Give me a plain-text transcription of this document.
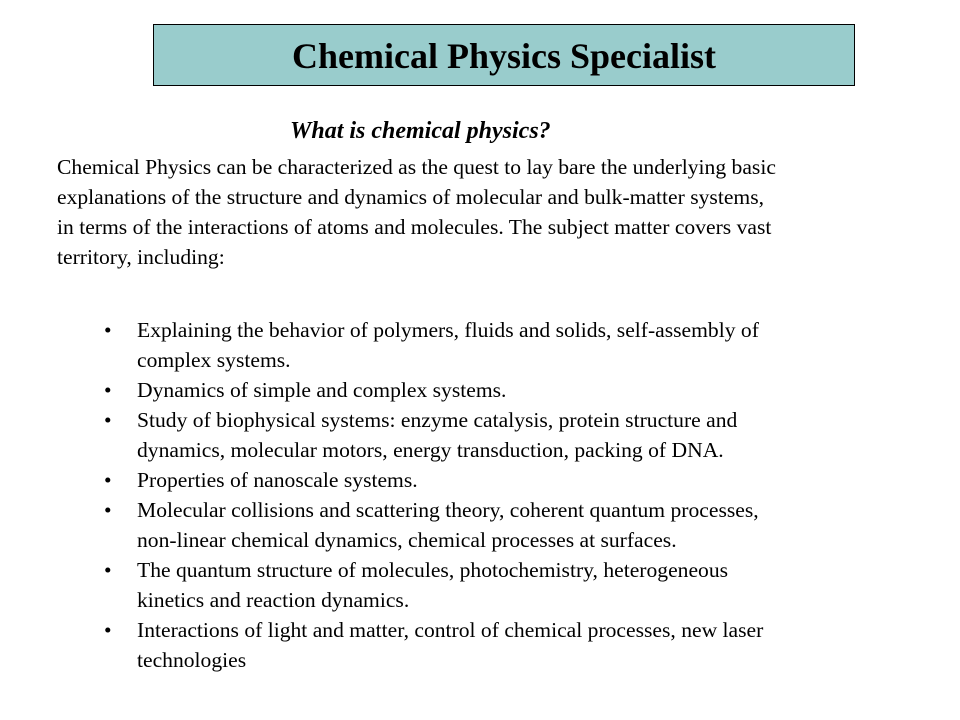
Chemical Physics Specialist
What is chemical physics?
Chemical Physics can be characterized as the quest to lay bare the underlying basic
explanations of the structure and dynamics of molecular and bulk-matter systems,
in terms of the interactions of atoms and molecules. The subject matter covers vast
territory, including:
• Explaining the behavior of polymers, fluids and solids, self-assembly of
complex systems.
• Dynamics of simple and complex systems.
• Study of biophysical systems: enzyme catalysis, protein structure and
dynamics, molecular motors, energy transduction, packing of DNA.
• Properties of nanoscale systems.
• Molecular collisions and scattering theory, coherent quantum processes,
non-linear chemical dynamics, chemical processes at surfaces.
• The quantum structure of molecules, photochemistry, heterogeneous
kinetics and reaction dynamics.
• Interactions of light and matter, control of chemical processes, new laser
technologies
